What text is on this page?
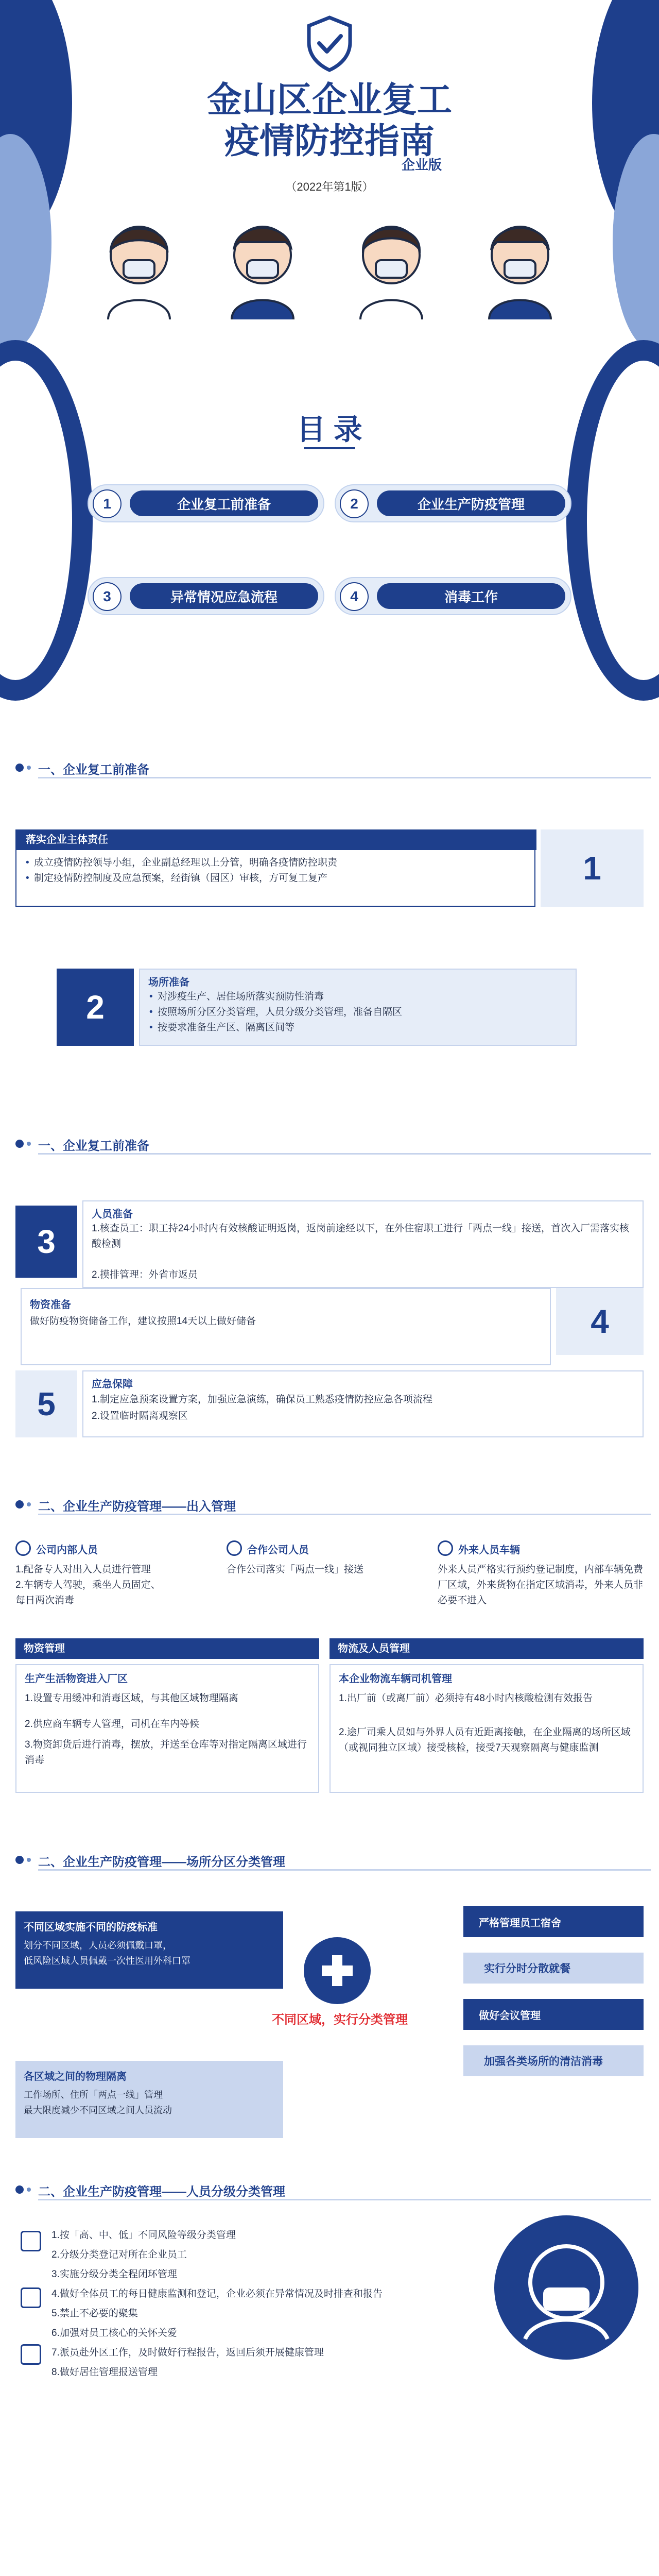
金山区企业复工
疫情防控指南
企业版
（2022年第1版）
目 录
1	企业复工前准备	2	企业生产防疫管理
3	异常情况应急流程	4	消毒工作
一、企业复工前准备
落实企业主体责任
• 成立疫情防控领导小组，企业副总经理以上分管，明确各疫情防控职责
• 制定疫情防控制度及应急预案，经街镇（园区）审核，方可复工复产	1
2
场所准备
• 对涉疫生产、居住场所落实预防性消毒
• 按照场所分区分类管理，人员分级分类管理，准备自隔区
• 按要求准备生产区、隔离区间等
一、企业复工前准备
3
人员准备
1.核查员工：职工持24小时内有效核酸证明返岗，返岗前途经以下，在外住宿职工进行「两点一线」接送，首次入厂需落实核酸检测
2.摸排管理：外省市返员
物资准备
做好防疫物资储备工作，建议按照14天以上做好储备	4
5
应急保障
1.制定应急预案设置方案，加强应急演练，确保员工熟悉疫情防控应急各项流程
2.设置临时隔离观察区
二、企业生产防疫管理——出入管理
公司内部人员
1.配备专人对出入人员进行管理
2.车辆专人驾驶，乘坐人员固定、
每日两次消毒
合作公司人员
合作公司落实「两点一线」接送
外来人员车辆
外来人员严格实行预约登记制度，内部车辆免费厂区域，外来货物在指定区域消毒，外来人员非必要不进入
物资管理	物流及人员管理
生产生活物资进入厂区
1.设置专用缓冲和消毒区域，与其他区域物理隔离
2.供应商车辆专人管理，司机在车内等候
3.物资卸货后进行消毒，摆放，并送至仓库等对指定隔离区域进行消毒
本企业物流车辆司机管理
1.出厂前（或离厂前）必须持有48小时内核酸检测有效报告
2.途厂司乘人员如与外界人员有近距离接触，在企业隔离的场所区域（或视同独立区域）接受核检，接受7天观察隔离与健康监测
二、企业生产防疫管理——场所分区分类管理
不同区域实施不同的防疫标准
划分不同区域，人员必须佩戴口罩，
低风险区域人员佩戴一次性医用外科口罩
不同区域，实行分类管理
各区域之间的物理隔离
工作场所、住所「两点一线」管理
最大限度减少不同区域之间人员流动
严格管理员工宿舍
实行分时分散就餐
做好会议管理
加强各类场所的清洁消毒
二、企业生产防疫管理——人员分级分类管理
1.按「高、中、低」不同风险等级分类管理
2.分级分类登记对所在企业员工
3.实施分级分类全程闭环管理
4.做好全体员工的每日健康监测和登记，企业必须在异常情况及时排查和报告
5.禁止不必要的聚集
6.加强对员工核心的关怀关爱
7.派员赴外区工作，及时做好行程报告，返回后须开展健康管理
8.做好居住管理报送管理
